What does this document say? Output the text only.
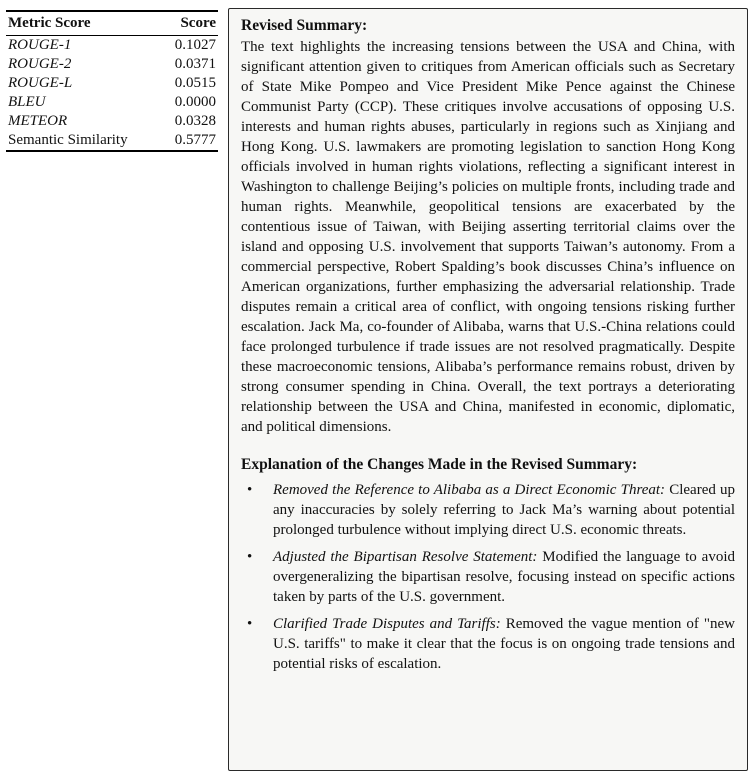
Metric Score	Score
ROUGE-1	0.1027
ROUGE-2	0.0371
ROUGE-L	0.0515
BLEU	0.0000
METEOR	0.0328
Semantic Similarity	0.5777
Revised Summary:

The text highlights the increasing tensions between the USA and China, with significant attention given to critiques from American officials such as Secretary of State Mike Pompeo and Vice President Mike Pence against the Chinese Communist Party (CCP). These critiques involve accusations of opposing U.S. interests and human rights abuses, particularly in regions such as Xinjiang and Hong Kong. U.S. lawmakers are promoting legislation to sanction Hong Kong officials involved in human rights violations, reflecting a significant interest in Washington to challenge Beijing’s policies on multiple fronts, including trade and human rights. Meanwhile, geopolitical tensions are exacerbated by the contentious issue of Taiwan, with Beijing asserting territorial claims over the island and opposing U.S. involvement that supports Taiwan’s autonomy. From a commercial perspective, Robert Spalding’s book discusses China’s influence on American organizations, further emphasizing the adversarial relationship. Trade disputes remain a critical area of conflict, with ongoing tensions risking further escalation. Jack Ma, co-founder of Alibaba, warns that U.S.-China relations could face prolonged turbulence if trade issues are not resolved pragmatically. Despite these macroeconomic tensions, Alibaba’s performance remains robust, driven by strong consumer spending in China. Overall, the text portrays a deteriorating relationship between the USA and China, manifested in economic, diplomatic, and political dimensions.

Explanation of the Changes Made in the Revised Summary:
• Removed the Reference to Alibaba as a Direct Economic Threat: Cleared up any inaccuracies by solely referring to Jack Ma’s warning about potential prolonged turbulence without implying direct U.S. economic threats.
• Adjusted the Bipartisan Resolve Statement: Modified the language to avoid overgeneralizing the bipartisan resolve, focusing instead on specific actions taken by parts of the U.S. government.
• Clarified Trade Disputes and Tariffs: Removed the vague mention of "new U.S. tariffs" to make it clear that the focus is on ongoing trade tensions and potential risks of escalation.
